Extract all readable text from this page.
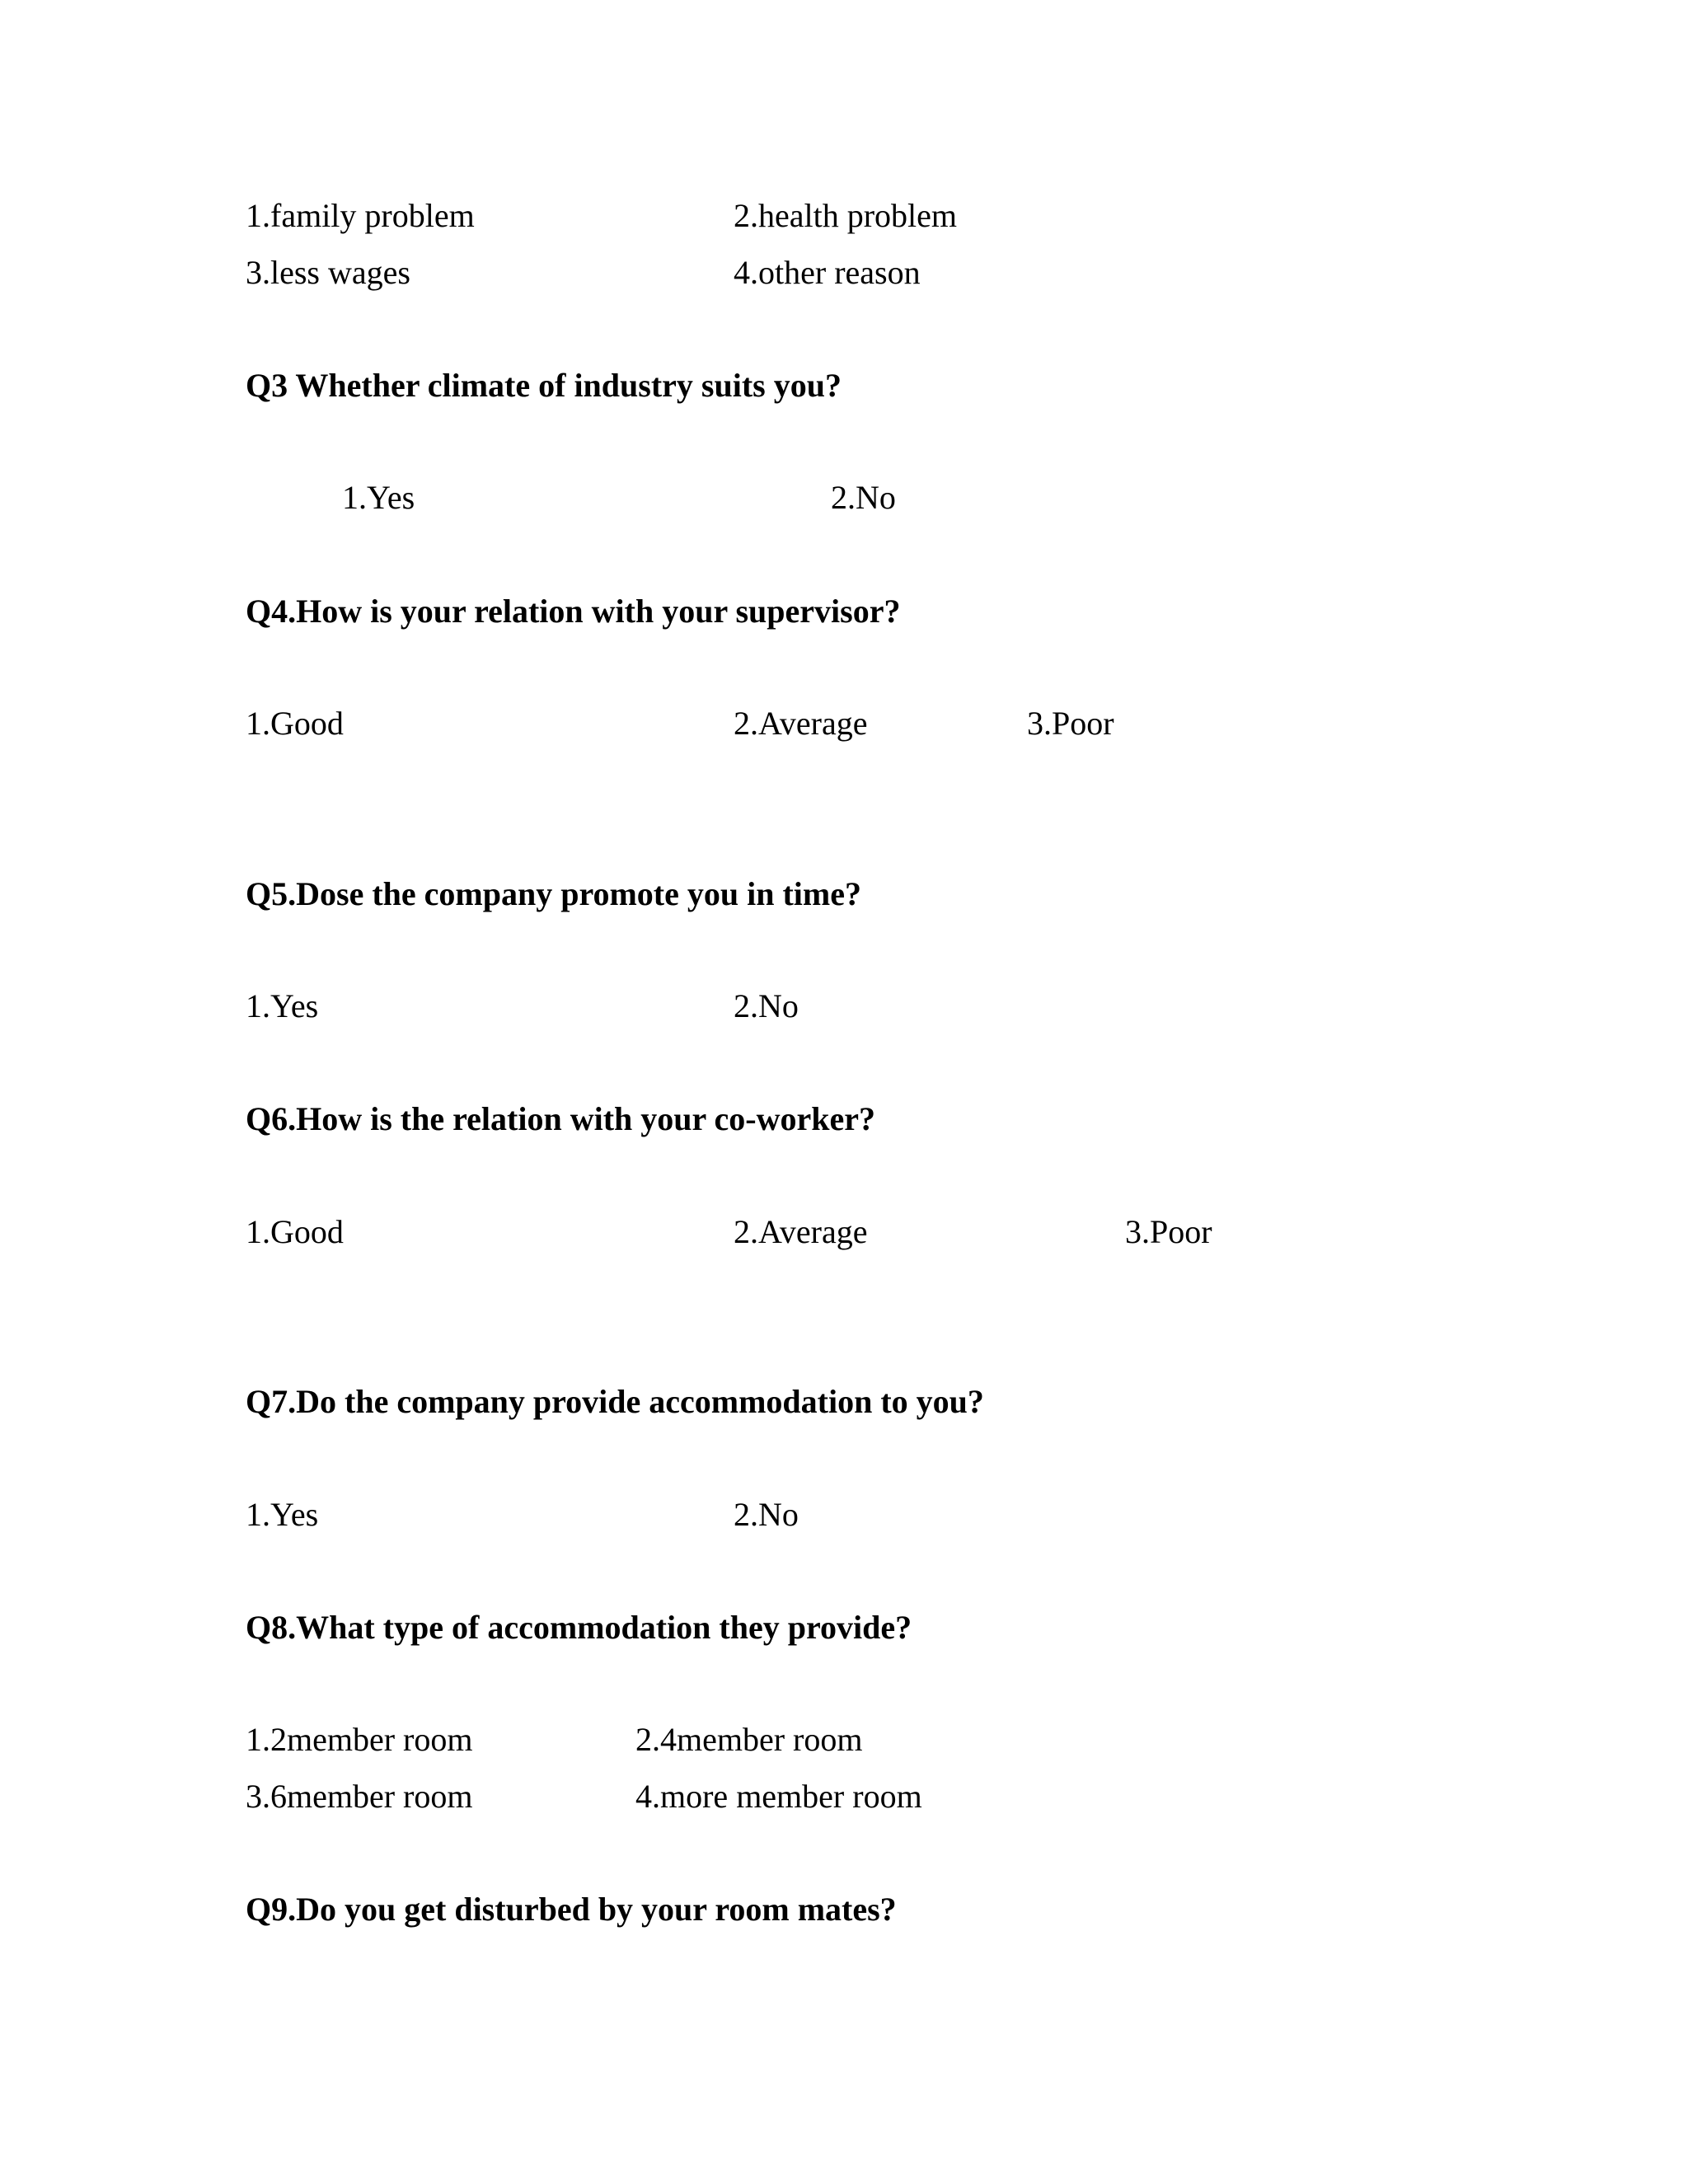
1.family problem	2.health problem
3.less wages	4.other reason
Q3 Whether climate of industry suits you?
1.Yes	2.No
Q4.How is your relation with your supervisor?
1.Good	2.Average	3.Poor
Q5.Dose the company promote you in time?
1.Yes	2.No
Q6.How is the relation with your co-worker?
1.Good	2.Average	3.Poor
Q7.Do the company provide accommodation to you?
1.Yes	2.No
Q8.What type of accommodation they provide?
1.2member room	2.4member room
3.6member room	4.more member room
Q9.Do you get disturbed by your room mates?
